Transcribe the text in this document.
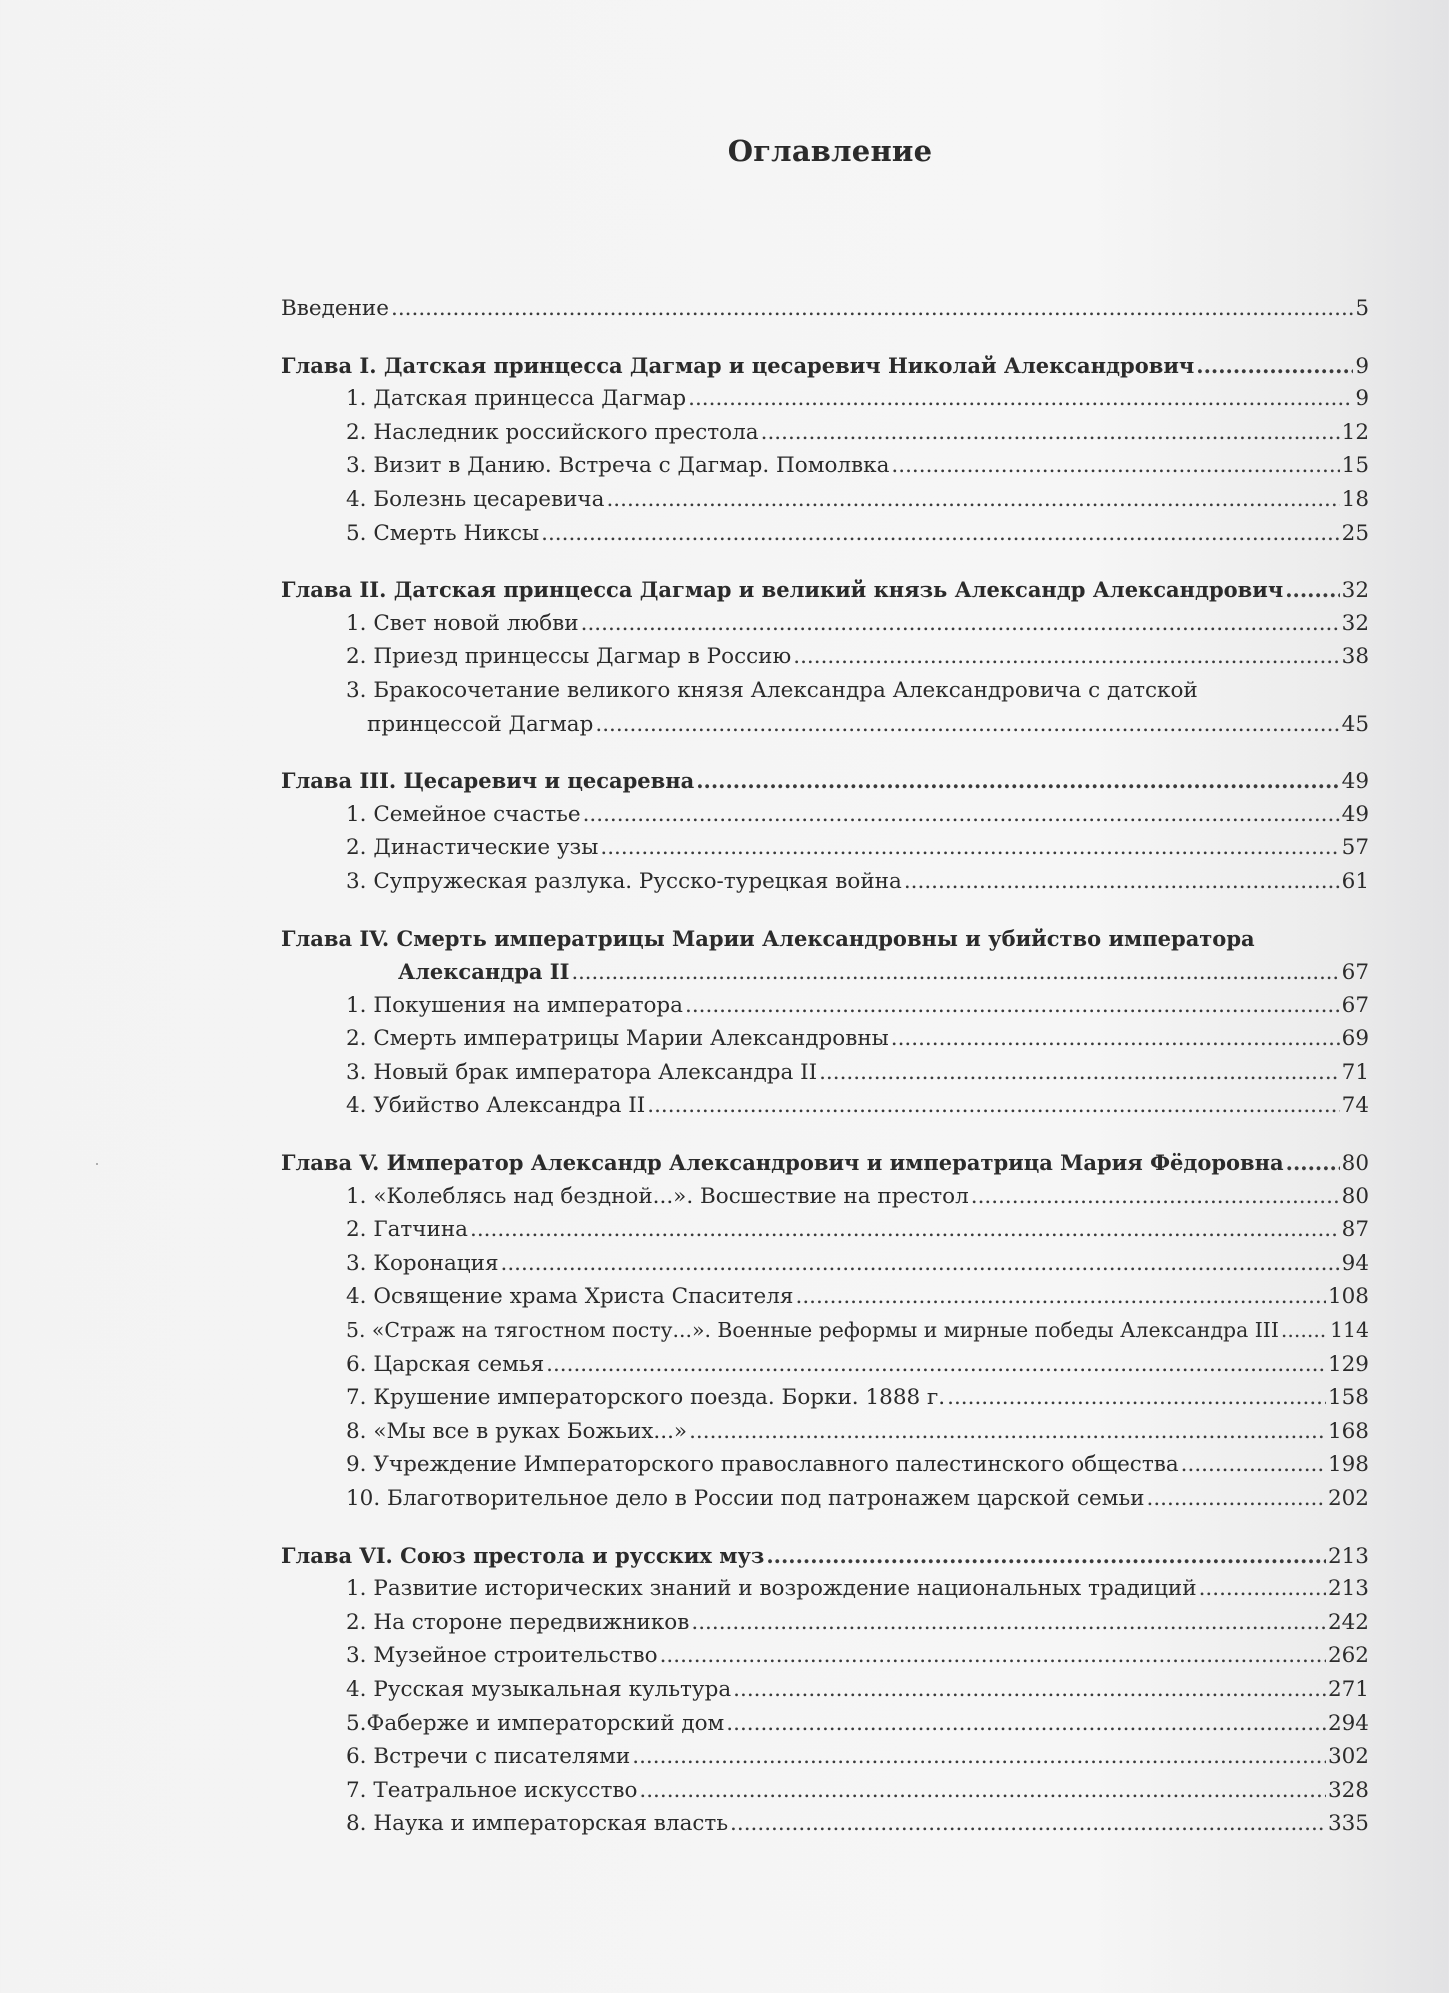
Оглавление
Введение .....	5
Глава I. Датская принцесса Дагмар и цесаревич Николай Александрович .....	9
1. Датская принцесса Дагмар .....	9
2. Наследник российского престола .....	12
3. Визит в Данию. Встреча с Дагмар. Помолвка .....	15
4. Болезнь цесаревича .....	18
5. Смерть Никсы .....	25
Глава II. Датская принцесса Дагмар и великий князь Александр Александрович .....	32
1. Свет новой любви .....	32
2. Приезд принцессы Дагмар в Россию .....	38
3. Бракосочетание великого князя Александра Александровича с датской
принцессой Дагмар .....	45
Глава III. Цесаревич и цесаревна .....	49
1. Семейное счастье .....	49
2. Династические узы .....	57
3. Супружеская разлука. Русско-турецкая война .....	61
Глава IV. Смерть императрицы Марии Александровны и убийство императора
Александра II .....	67
1. Покушения на императора .....	67
2. Смерть императрицы Марии Александровны .....	69
3. Новый брак императора Александра II .....	71
4. Убийство Александра II .....	74
Глава V. Император Александр Александрович и императрица Мария Фёдоровна .....	80
1. «Колеблясь над бездной...». Восшествие на престол .....	80
2. Гатчина .....	87
3. Коронация .....	94
4. Освящение храма Христа Спасителя .....	108
5. «Страж на тягостном посту...». Военные реформы и мирные победы Александра III .....	114
6. Царская семья .....	129
7. Крушение императорского поезда. Борки. 1888 г. .....	158
8. «Мы все в руках Божьих...» .....	168
9. Учреждение Императорского православного палестинского общества .....	198
10. Благотворительное дело в России под патронажем царской семьи .....	202
Глава VI. Союз престола и русских муз .....	213
1. Развитие исторических знаний и возрождение национальных традиций .....	213
2. На стороне передвижников .....	242
3. Музейное строительство .....	262
4. Русская музыкальная культура .....	271
5.Фаберже и императорский дом .....	294
6. Встречи с писателями .....	302
7. Театральное искусство .....	328
8. Наука и императорская власть .....	335
